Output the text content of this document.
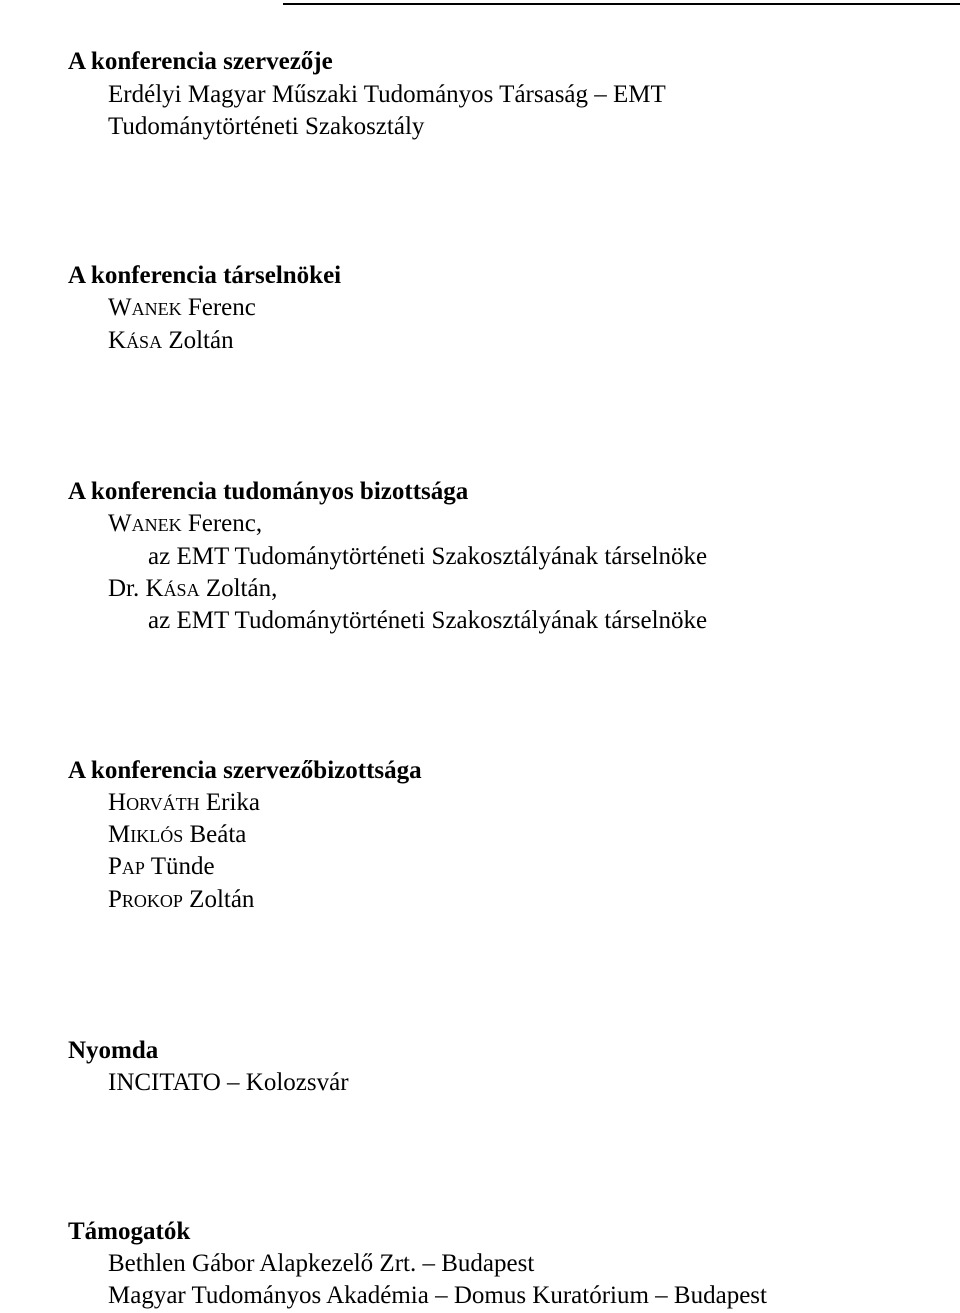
A konferencia szervezője
Erdélyi Magyar Műszaki Tudományos Társaság – EMT
Tudománytörténeti Szakosztály
A konferencia társelnökei
WANEK Ferenc
KÁSA Zoltán
A konferencia tudományos bizottsága
WANEK Ferenc,
az EMT Tudománytörténeti Szakosztályának társelnöke
Dr. KÁSA Zoltán,
az EMT Tudománytörténeti Szakosztályának társelnöke
A konferencia szervezőbizottsága
HORVÁTH Erika
MIKLÓS Beáta
PAP Tünde
PROKOP Zoltán
Nyomda
INCITATO – Kolozsvár
Támogatók
Bethlen Gábor Alapkezelő Zrt. – Budapest
Magyar Tudományos Akadémia – Domus Kuratórium – Budapest
